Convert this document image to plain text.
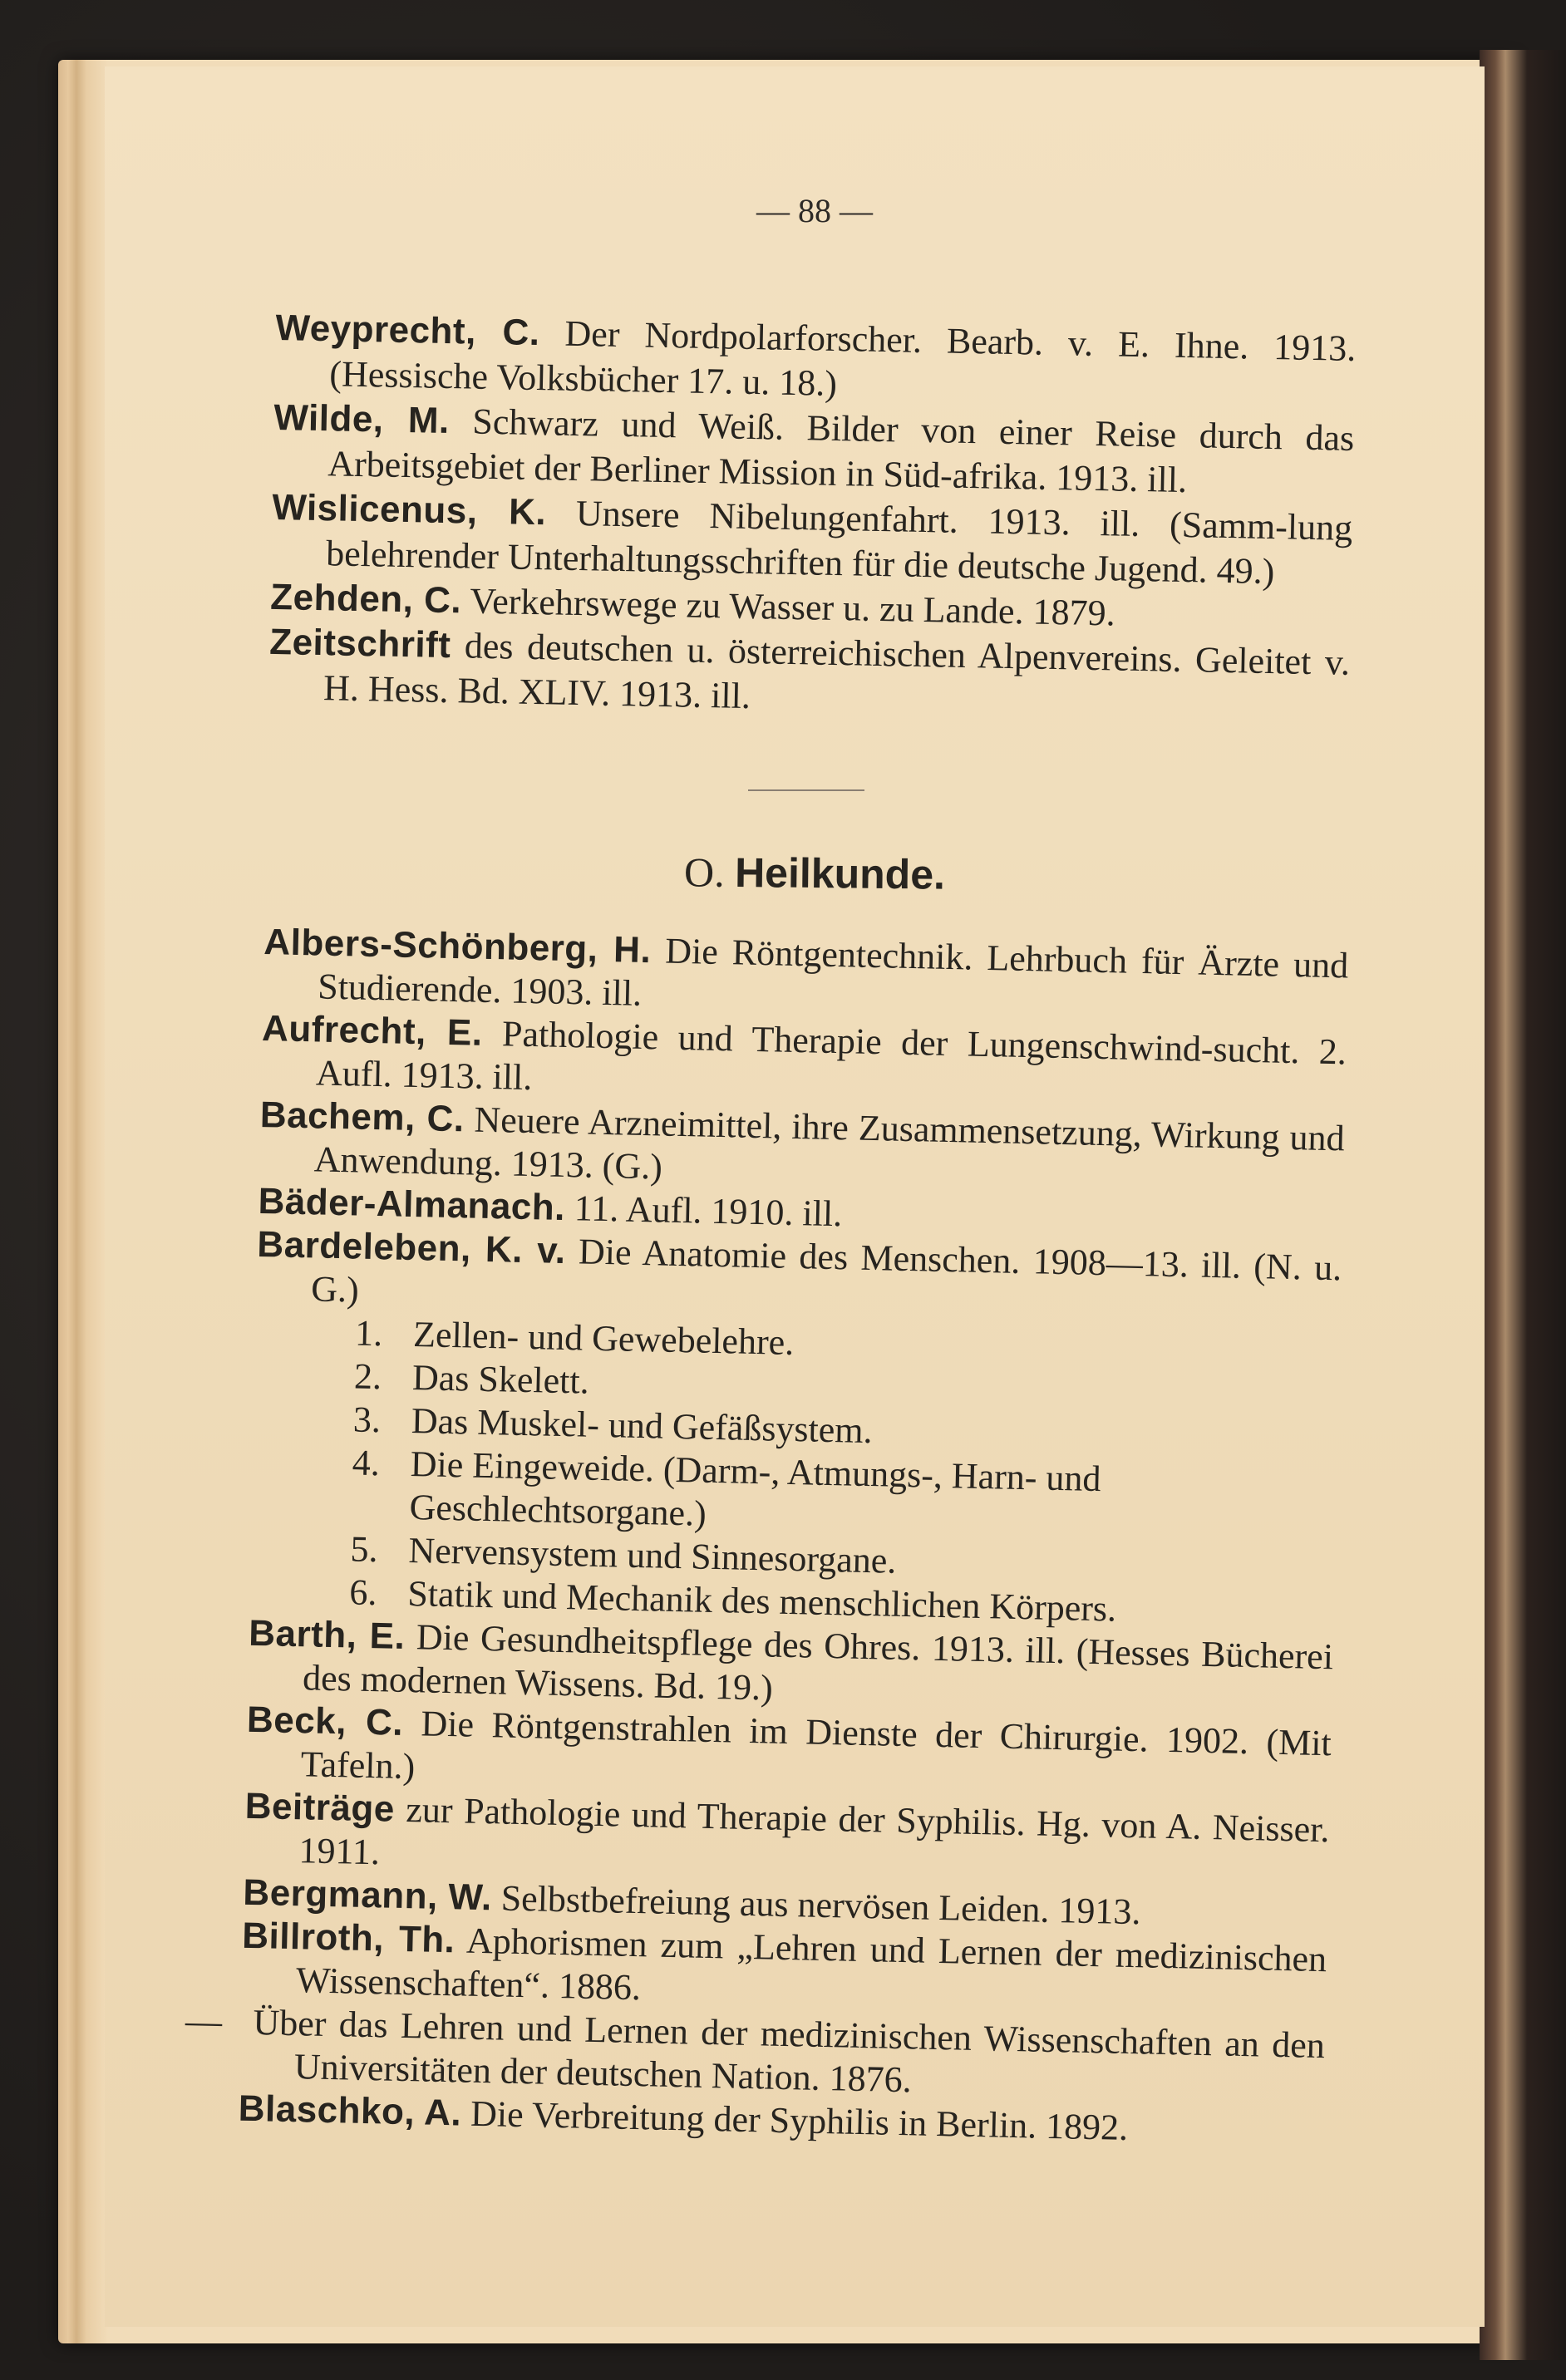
— 88 —

Weyprecht, C. Der Nordpolarforscher. Bearb. v. E. Ihne. 1913. (Hessische Volksbücher 17. u. 18.)

Wilde, M. Schwarz und Weiß. Bilder von einer Reise durch das Arbeitsgebiet der Berliner Mission in Süd-afrika. 1913. ill.

Wislicenus, K. Unsere Nibelungenfahrt. 1913. ill. (Samm-lung belehrender Unterhaltungsschriften für die deutsche Jugend. 49.)

Zehden, C. Verkehrswege zu Wasser u. zu Lande. 1879.

Zeitschrift des deutschen u. österreichischen Alpenvereins. Geleitet v. H. Hess. Bd. XLIV. 1913. ill.

O. Heilkunde.

Albers-Schönberg, H. Die Röntgentechnik. Lehrbuch für Ärzte und Studierende. 1903. ill.

Aufrecht, E. Pathologie und Therapie der Lungenschwind-sucht. 2. Aufl. 1913. ill.

Bachem, C. Neuere Arzneimittel, ihre Zusammensetzung, Wirkung und Anwendung. 1913. (G.)

Bäder-Almanach. 11. Aufl. 1910. ill.

Bardeleben, K. v. Die Anatomie des Menschen. 1908—13. ill. (N. u. G.)

1. Zellen- und Gewebelehre.

2. Das Skelett.

3. Das Muskel- und Gefäßsystem.

4. Die Eingeweide. (Darm-, Atmungs-, Harn- und Geschlechtsorgane.)

5. Nervensystem und Sinnesorgane.

6. Statik und Mechanik des menschlichen Körpers.

Barth, E. Die Gesundheitspflege des Ohres. 1913. ill. (Hesses Bücherei des modernen Wissens. Bd. 19.)

Beck, C. Die Röntgenstrahlen im Dienste der Chirurgie. 1902. (Mit Tafeln.)

Beiträge zur Pathologie und Therapie der Syphilis. Hg. von A. Neisser. 1911.

Bergmann, W. Selbstbefreiung aus nervösen Leiden. 1913.

Billroth, Th. Aphorismen zum „Lehren und Lernen der medizinischen Wissenschaften“. 1886.

Über das Lehren und Lernen der medizinischen Wissenschaften an den Universitäten der deutschen Nation. 1876.

Blaschko, A. Die Verbreitung der Syphilis in Berlin. 1892.
